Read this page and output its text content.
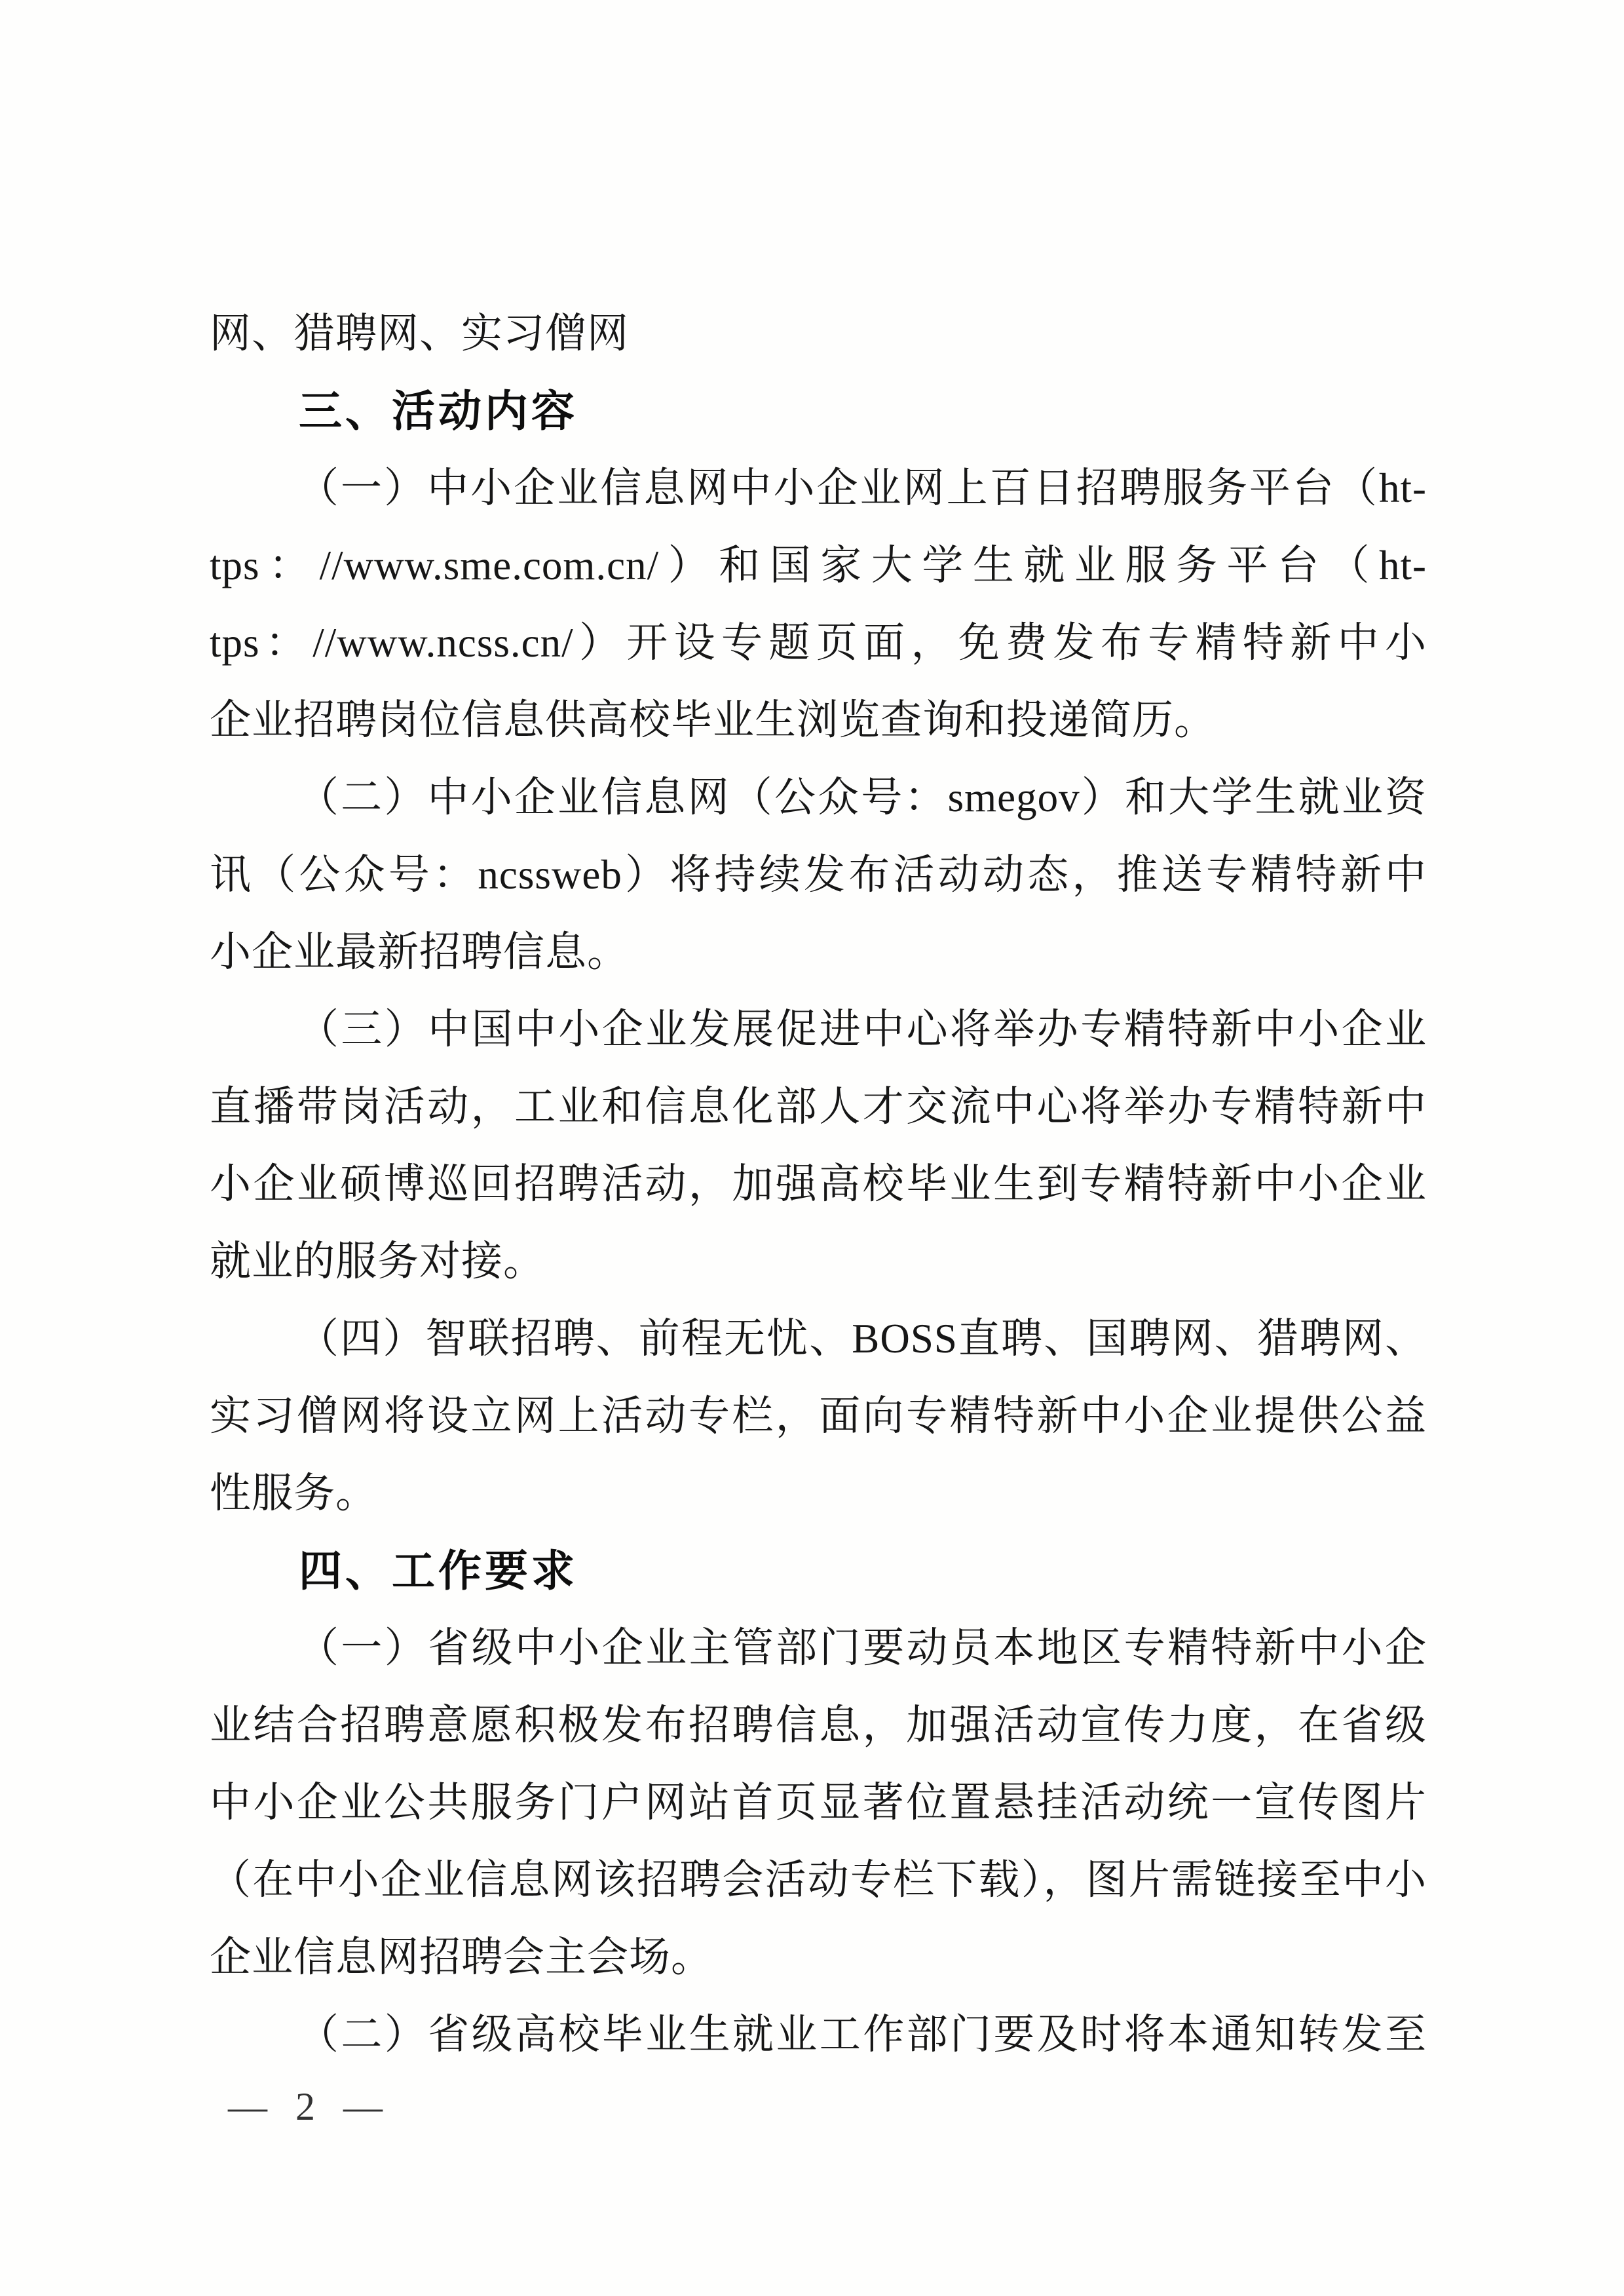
网、猎聘网、实习僧网
三、活动内容
（一）中小企业信息网中小企业网上百日招聘服务平台（ht-
tps：//www.sme.com.cn/）和国家大学生就业服务平台（ht-
tps：//www.ncss.cn/）开设专题页面，免费发布专精特新中小
企业招聘岗位信息供高校毕业生浏览查询和投递简历。
（二）中小企业信息网（公众号：smegov）和大学生就业资
讯（公众号：ncssweb）将持续发布活动动态，推送专精特新中
小企业最新招聘信息。
（三）中国中小企业发展促进中心将举办专精特新中小企业
直播带岗活动，工业和信息化部人才交流中心将举办专精特新中
小企业硕博巡回招聘活动，加强高校毕业生到专精特新中小企业
就业的服务对接。
（四）智联招聘、前程无忧、BOSS直聘、国聘网、猎聘网、
实习僧网将设立网上活动专栏，面向专精特新中小企业提供公益
性服务。
四、工作要求
（一）省级中小企业主管部门要动员本地区专精特新中小企
业结合招聘意愿积极发布招聘信息，加强活动宣传力度，在省级
中小企业公共服务门户网站首页显著位置悬挂活动统一宣传图片
（在中小企业信息网该招聘会活动专栏下载），图片需链接至中小
企业信息网招聘会主会场。
（二）省级高校毕业生就业工作部门要及时将本通知转发至
— 2 —
